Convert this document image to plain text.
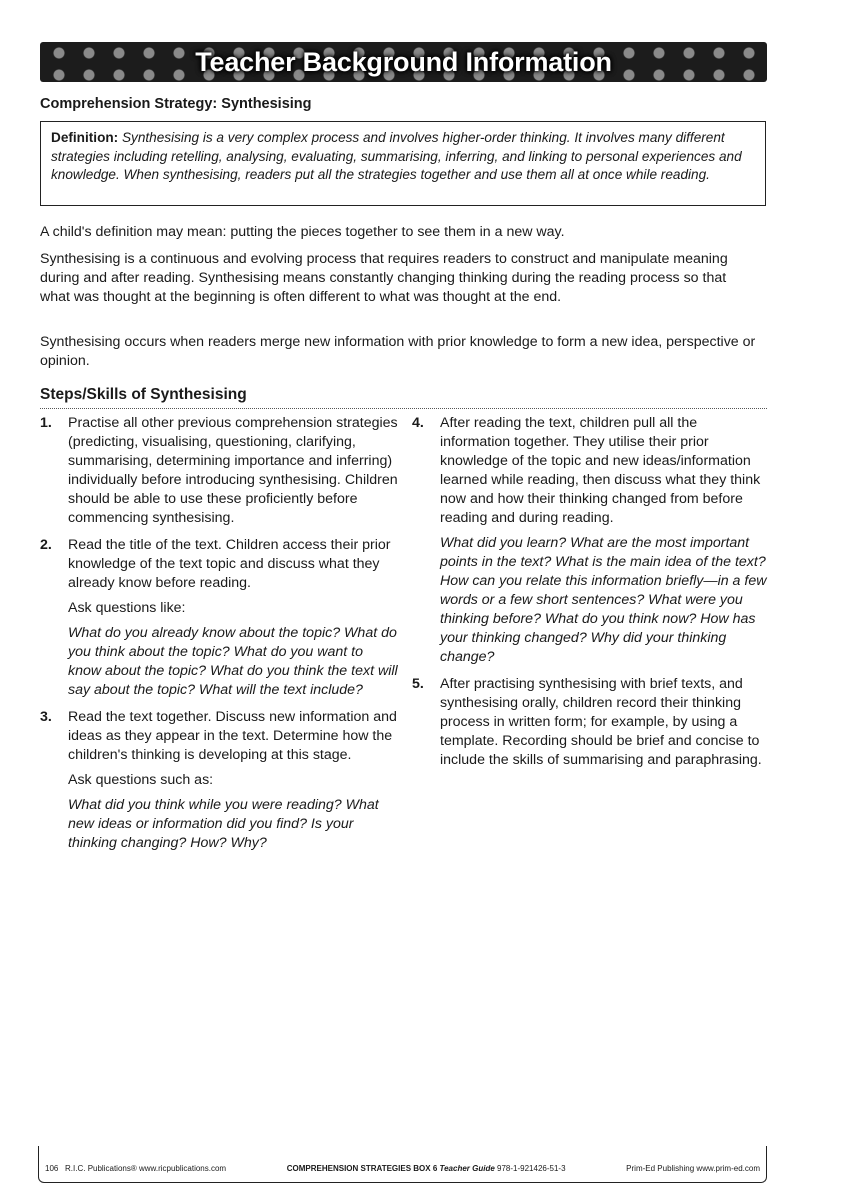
Teacher Background Information
Comprehension Strategy: Synthesising
Definition: Synthesising is a very complex process and involves higher-order thinking. It involves many different strategies including retelling, analysing, evaluating, summarising, inferring, and linking to personal experiences and knowledge. When synthesising, readers put all the strategies together and use them all at once while reading.
A child's definition may mean: putting the pieces together to see them in a new way.
Synthesising is a continuous and evolving process that requires readers to construct and manipulate meaning during and after reading. Synthesising means constantly changing thinking during the reading process so that what was thought at the beginning is often different to what was thought at the end.
Synthesising occurs when readers merge new information with prior knowledge to form a new idea, perspective or opinion.
Steps/Skills of Synthesising
1. Practise all other previous comprehension strategies (predicting, visualising, questioning, clarifying, summarising, determining importance and inferring) individually before introducing synthesising. Children should be able to use these proficiently before commencing synthesising.

2. Read the title of the text. Children access their prior knowledge of the text topic and discuss what they already know before reading.

Ask questions like:

What do you already know about the topic? What do you think about the topic? What do you want to know about the topic? What do you think the text will say about the topic? What will the text include?

3. Read the text together. Discuss new information and ideas as they appear in the text. Determine how the children's thinking is developing at this stage.

Ask questions such as:

What did you think while you were reading? What new ideas or information did you find? Is your thinking changing? How? Why?

4. After reading the text, children pull all the information together. They utilise their prior knowledge of the topic and new ideas/information learned while reading, then discuss what they think now and how their thinking changed from before reading and during reading.

What did you learn? What are the most important points in the text? What is the main idea of the text? How can you relate this information briefly—in a few words or a few short sentences? What were you thinking before? What do you think now? How has your thinking changed? Why did your thinking change?

5. After practising synthesising with brief texts, and synthesising orally, children record their thinking process in written form; for example, by using a template. Recording should be brief and concise to include the skills of summarising and paraphrasing.

106 R.I.C. Publications® www.ricpublications.com	COMPREHENSION STRATEGIES BOX 6 Teacher Guide 978-1-921426-51-3	Prim-Ed Publishing www.prim-ed.com
